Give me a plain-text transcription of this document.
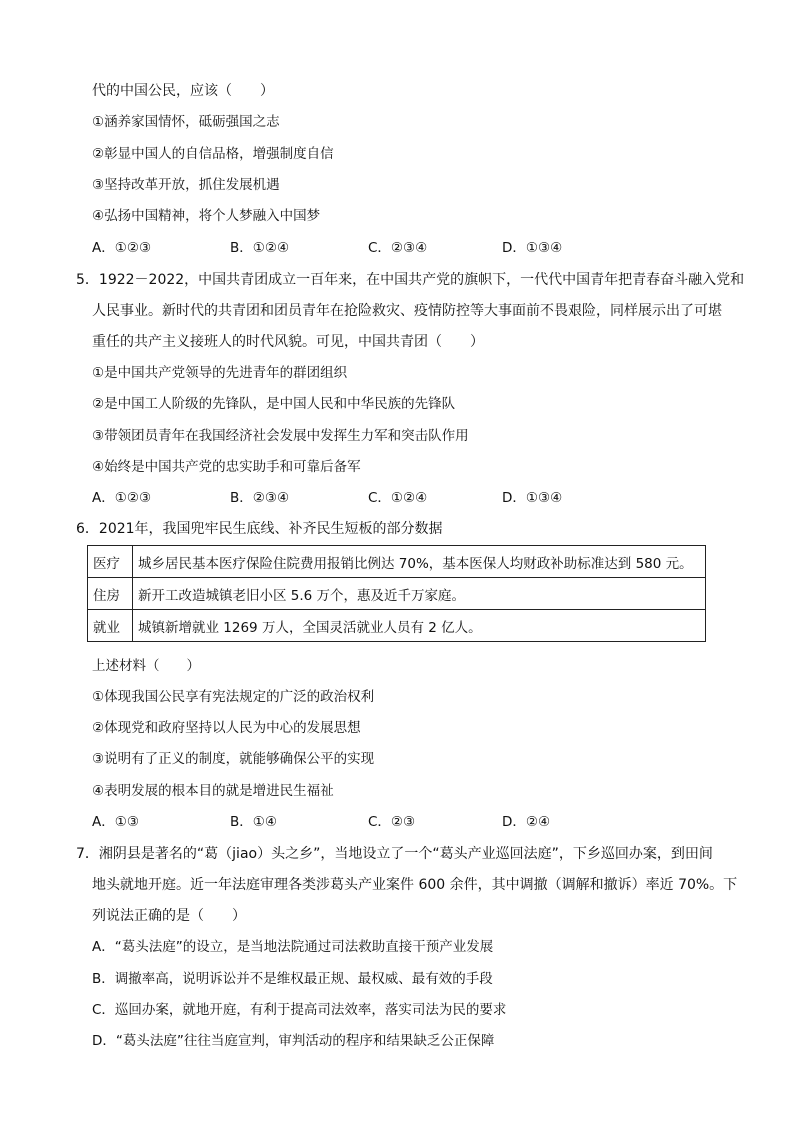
代的中国公民，应该（　　）
①涵养家国情怀，砥砺强国之志
②彰显中国人的自信品格，增强制度自信
③坚持改革开放，抓住发展机遇
④弘扬中国精神，将个人梦融入中国梦
A．①②③	B．①②④	C．②③④	D．①③④
5．1922－2022，中国共青团成立一百年来，在中国共产党的旗帜下，一代代中国青年把青春奋斗融入党和
人民事业。新时代的共青团和团员青年在抢险救灾、疫情防控等大事面前不畏艰险，同样展示出了可堪
重任的共产主义接班人的时代风貌。可见，中国共青团（　　）
①是中国共产党领导的先进青年的群团组织
②是中国工人阶级的先锋队，是中国人民和中华民族的先锋队
③带领团员青年在我国经济社会发展中发挥生力军和突击队作用
④始终是中国共产党的忠实助手和可靠后备军
A．①②③	B．②③④	C．①②④	D．①③④
6．2021年，我国兜牢民生底线、补齐民生短板的部分数据
医疗	城乡居民基本医疗保险住院费用报销比例达 70%，基本医保人均财政补助标准达到 580 元。
住房	新开工改造城镇老旧小区 5.6 万个，惠及近千万家庭。
就业	城镇新增就业 1269 万人，全国灵活就业人员有 2 亿人。
上述材料（　　）
①体现我国公民享有宪法规定的广泛的政治权利
②体现党和政府坚持以人民为中心的发展思想
③说明有了正义的制度，就能够确保公平的实现
④表明发展的根本目的就是增进民生福祉
A．①③	B．①④	C．②③	D．②④
7．湘阴县是著名的“葛（jiao）头之乡”，当地设立了一个“葛头产业巡回法庭”，下乡巡回办案，到田间
地头就地开庭。近一年法庭审理各类涉葛头产业案件 600 余件，其中调撤（调解和撤诉）率近 70%。下
列说法正确的是（　　）
A．“葛头法庭”的设立，是当地法院通过司法救助直接干预产业发展
B．调撤率高，说明诉讼并不是维权最正规、最权威、最有效的手段
C．巡回办案，就地开庭，有利于提高司法效率，落实司法为民的要求
D．“葛头法庭”往往当庭宣判，审判活动的程序和结果缺乏公正保障
